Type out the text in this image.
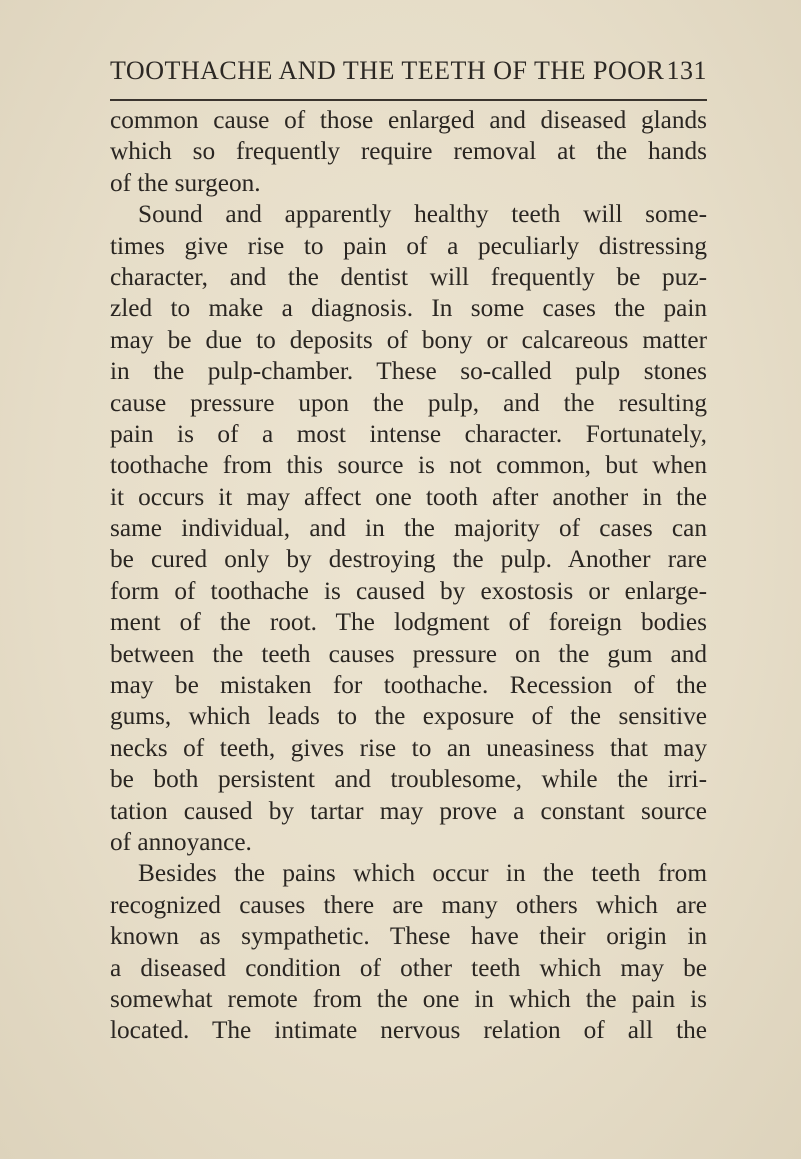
TOOTHACHE AND THE TEETH OF THE POOR 131
common cause of those enlarged and diseased glands
which so frequently require removal at the hands
of the surgeon.
Sound and apparently healthy teeth will some-
times give rise to pain of a peculiarly distressing
character, and the dentist will frequently be puz-
zled to make a diagnosis. In some cases the pain
may be due to deposits of bony or calcareous matter
in the pulp-chamber. These so-called pulp stones
cause pressure upon the pulp, and the resulting
pain is of a most intense character. Fortunately,
toothache from this source is not common, but when
it occurs it may affect one tooth after another in the
same individual, and in the majority of cases can
be cured only by destroying the pulp. Another rare
form of toothache is caused by exostosis or enlarge-
ment of the root. The lodgment of foreign bodies
between the teeth causes pressure on the gum and
may be mistaken for toothache. Recession of the
gums, which leads to the exposure of the sensitive
necks of teeth, gives rise to an uneasiness that may
be both persistent and troublesome, while the irri-
tation caused by tartar may prove a constant source
of annoyance.
Besides the pains which occur in the teeth from
recognized causes there are many others which are
known as sympathetic. These have their origin in
a diseased condition of other teeth which may be
somewhat remote from the one in which the pain is
located. The intimate nervous relation of all the
